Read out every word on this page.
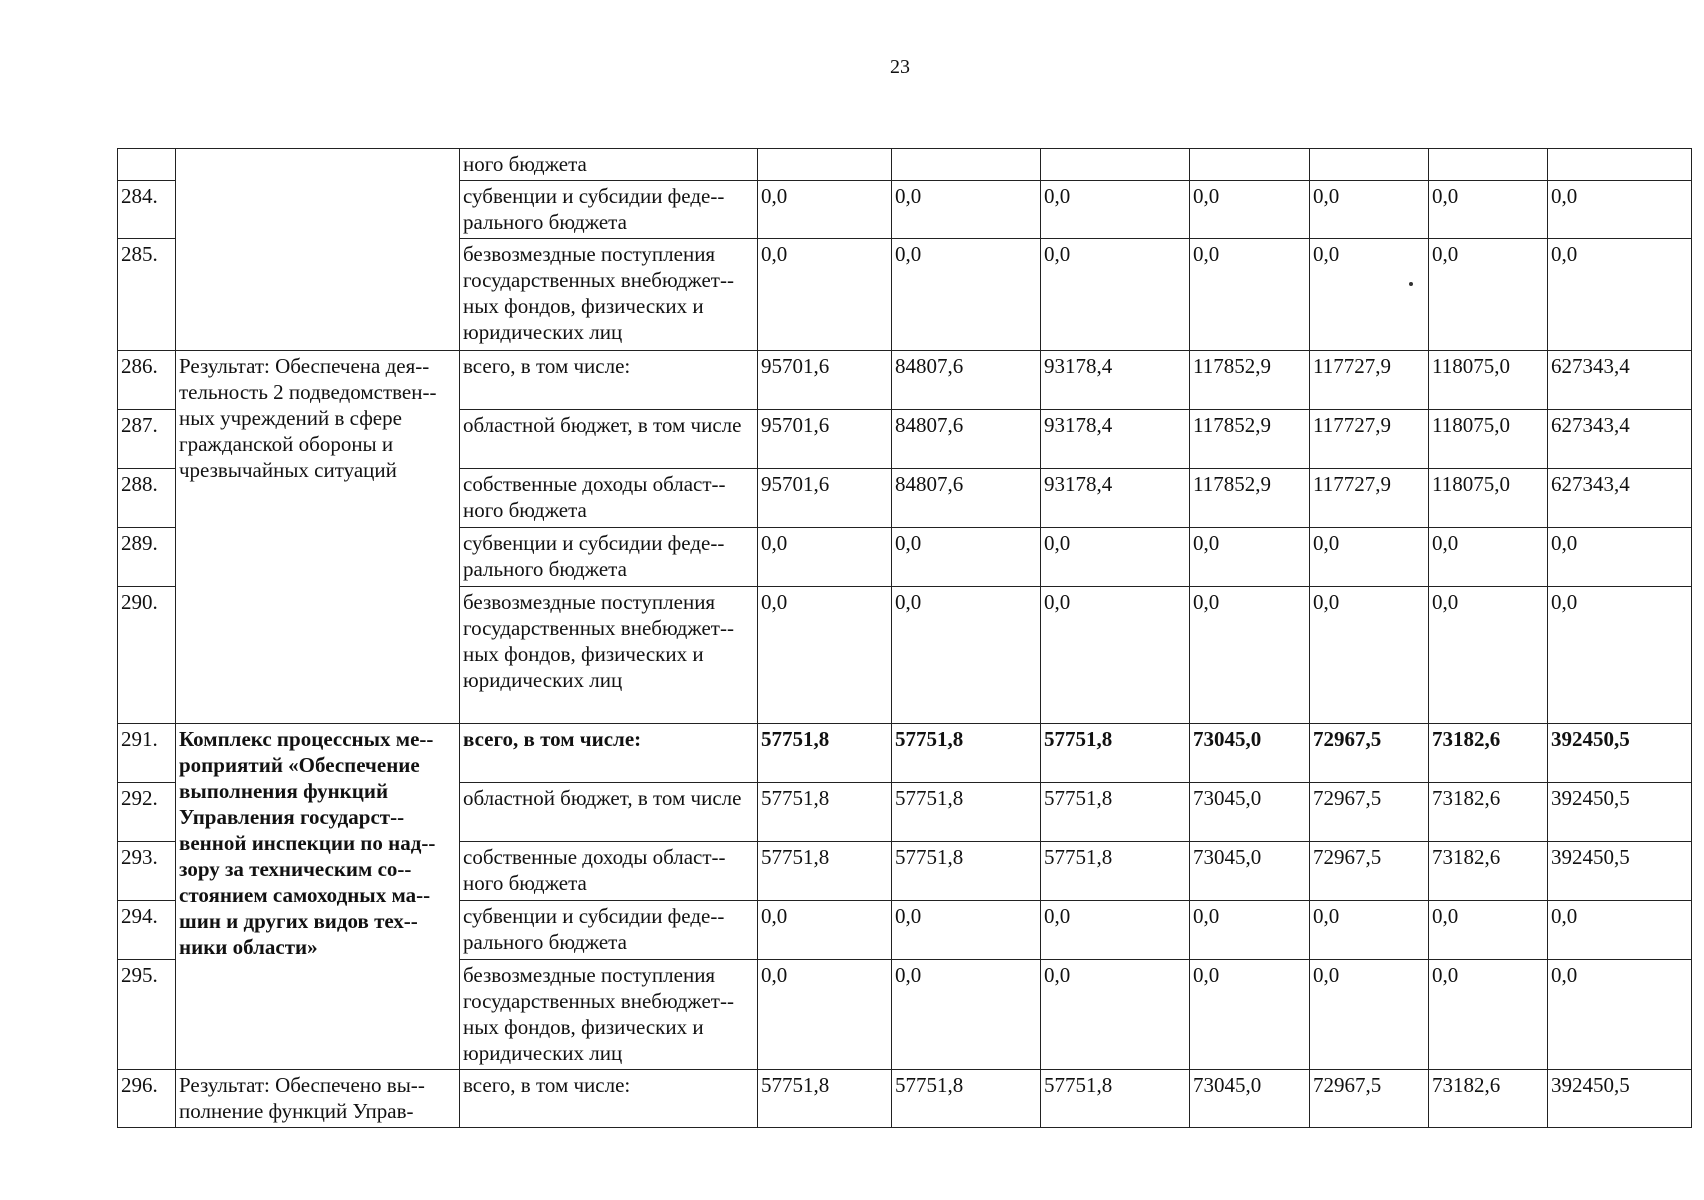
23
		ного бюджета							
284.		субвенции и субсидии феде-рального бюджета	0,0	0,0	0,0	0,0	0,0	0,0	0,0
285.		безвозмездные поступления государственных внебюджет-ных фондов, физических и юридических лиц	0,0	0,0	0,0	0,0	0,0	0,0	0,0
286.	Результат: Обеспечена дея-тельность 2 подведомствен-ных учреждений в сфере гражданской обороны и чрезвычайных ситуаций	всего, в том числе:	95701,6	84807,6	93178,4	117852,9	117727,9	118075,0	627343,4
287.		областной бюджет, в том числе	95701,6	84807,6	93178,4	117852,9	117727,9	118075,0	627343,4
288.		собственные доходы област-ного бюджета	95701,6	84807,6	93178,4	117852,9	117727,9	118075,0	627343,4
289.		субвенции и субсидии феде-рального бюджета	0,0	0,0	0,0	0,0	0,0	0,0	0,0
290.		безвозмездные поступления государственных внебюджет-ных фондов, физических и юридических лиц	0,0	0,0	0,0	0,0	0,0	0,0	0,0
291.	Комплекс процессных ме-роприятий «Обеспечение выполнения функций Управления государст-венной инспекции по над-зору за техническим со-стоянием самоходных ма-шин и других видов тех-ники области»	всего, в том числе:	57751,8	57751,8	57751,8	73045,0	72967,5	73182,6	392450,5
292.		областной бюджет, в том числе	57751,8	57751,8	57751,8	73045,0	72967,5	73182,6	392450,5
293.		собственные доходы област-ного бюджета	57751,8	57751,8	57751,8	73045,0	72967,5	73182,6	392450,5
294.		субвенции и субсидии феде-рального бюджета	0,0	0,0	0,0	0,0	0,0	0,0	0,0
295.		безвозмездные поступления государственных внебюджет-ных фондов, физических и юридических лиц	0,0	0,0	0,0	0,0	0,0	0,0	0,0
296.	Результат: Обеспечено вы-полнение функций Управ-	всего, в том числе:	57751,8	57751,8	57751,8	73045,0	72967,5	73182,6	392450,5
